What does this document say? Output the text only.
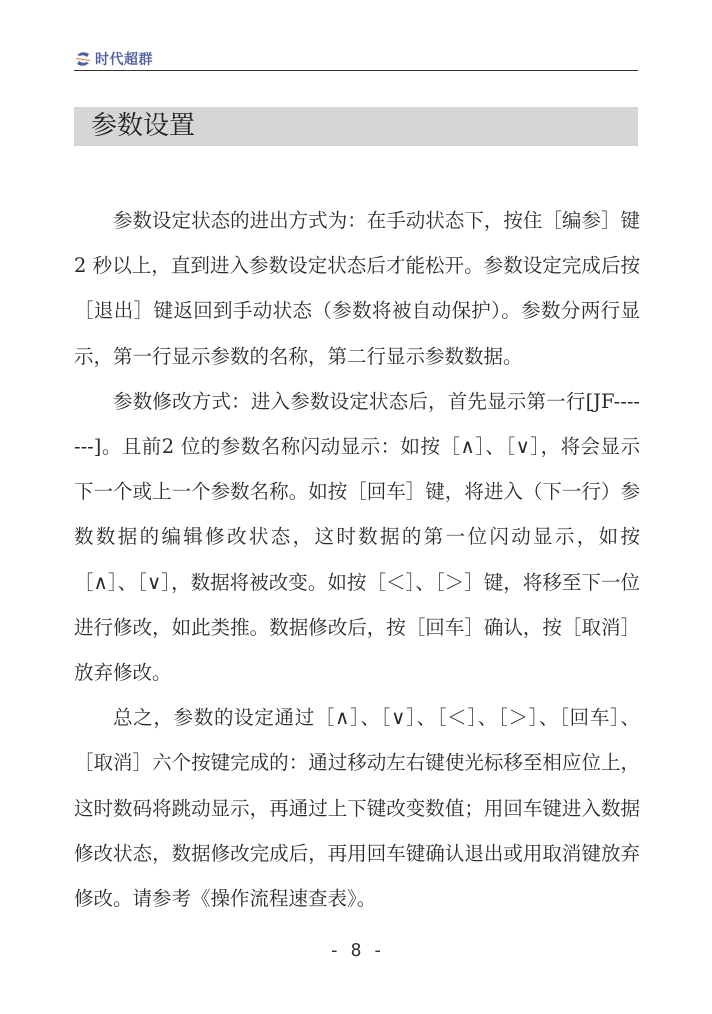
时代超群
参数设置

参数设定状态的进出方式为：在手动状态下，按住［编参］键2 秒以上，直到进入参数设定状态后才能松开。参数设定完成后按［退出］键返回到手动状态（参数将被自动保护）。参数分两行显示，第一行显示参数的名称，第二行显示参数数据。

参数修改方式：进入参数设定状态后，首先显示第一行[JF-------]。且前2 位的参数名称闪动显示：如按［∧］、［∨］，将会显示下一个或上一个参数名称。如按［回车］键，将进入（下一行）参数数据的编辑修改状态，这时数据的第一位闪动显示，如按［∧］、［∨］，数据将被改变。如按［＜］、［＞］键，将移至下一位进行修改，如此类推。数据修改后，按［回车］确认，按［取消］放弃修改。

总之，参数的设定通过［∧］、［∨］、［＜］、［＞］、［回车］、［取消］六个按键完成的：通过移动左右键使光标移至相应位上，这时数码将跳动显示，再通过上下键改变数值；用回车键进入数据修改状态，数据修改完成后，再用回车键确认退出或用取消键放弃修改。请参考《操作流程速查表》。

- 8 -
